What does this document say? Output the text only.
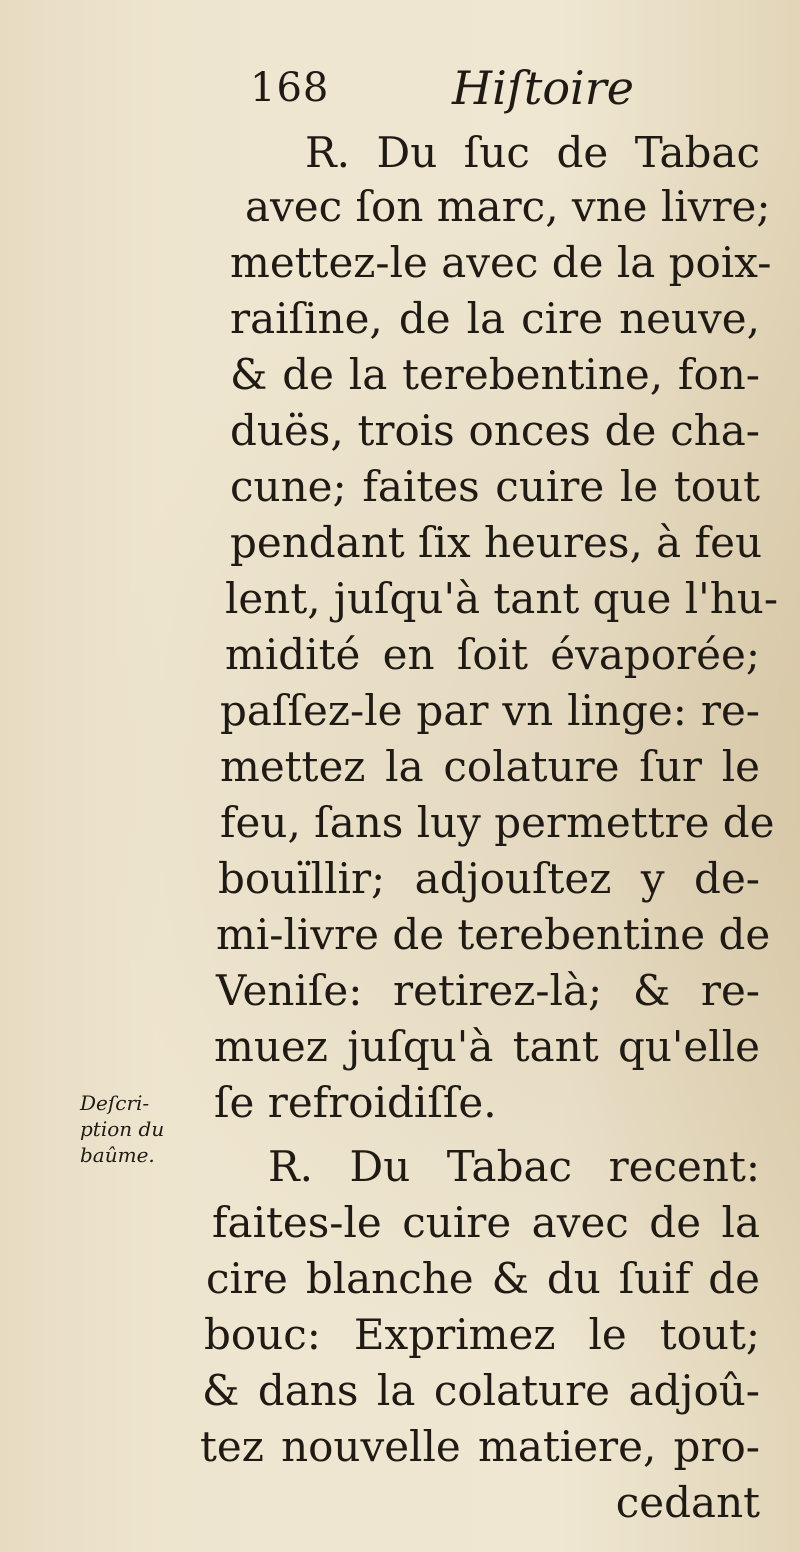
168	Hiſtoire
Deſcri-
ption du
baûme.
R. Du ſuc de Tabac
avec ſon marc, vne livre;
mettez-le avec de la poix-
raiſine, de la cire neuve,
& de la terebentine, fon-
duës, trois onces de cha-
cune; faites cuire le tout
pendant ſix heures, à feu
lent, juſqu'à tant que l'hu-
midité en ſoit évaporée;
paſſez-le par vn linge: re-
mettez la colature ſur le
feu, ſans luy permettre de
bouïllir; adjouſtez y de-
mi-livre de terebentine de
Veniſe: retirez-là; & re-
muez juſqu'à tant qu'elle
ſe refroidiſſe.
R. Du Tabac recent:
faites-le cuire avec de la
cire blanche & du ſuif de
bouc: Exprimez le tout;
& dans la colature adjoû-
tez nouvelle matiere, pro-
cedant
